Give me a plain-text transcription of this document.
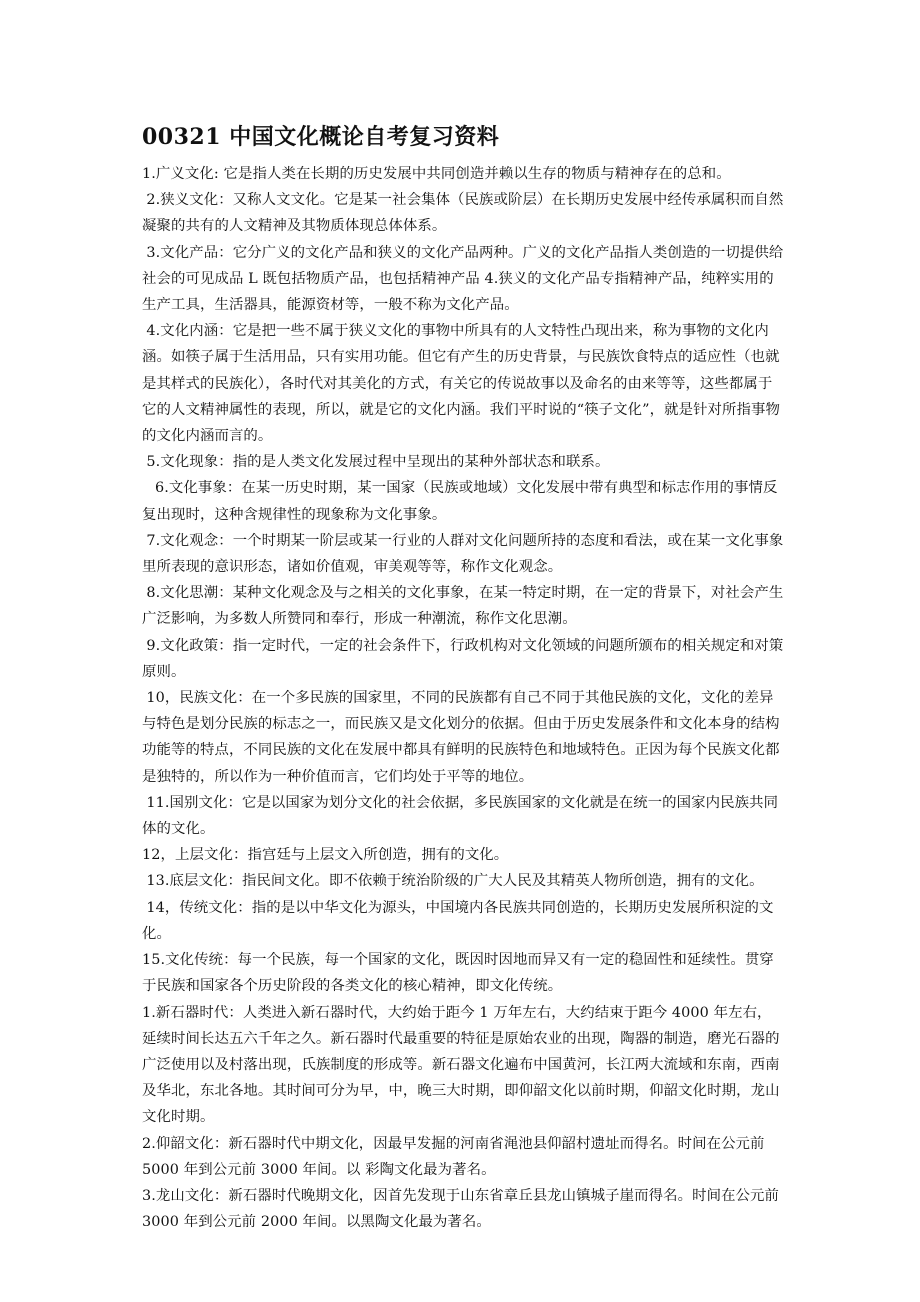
00321 中国文化概论自考复习资料

1.广义文化: 它是指人类在长期的历史发展中共同创造并赖以生存的物质与精神存在的总和。

2.狭义文化：又称人文文化。它是某一社会集体（民族或阶层）在长期历史发展中经传承属积而自然凝聚的共有的人文精神及其物质体现总体体系。

3.文化产品：它分广义的文化产品和狭义的文化产品两种。广义的文化产品指人类创造的一切提供给社会的可见成品 L 既包括物质产品，也包括精神产品 4.狭义的文化产品专指精神产品，纯粹实用的生产工具，生活器具，能源资材等，一般不称为文化产品。

4.文化内涵：它是把一些不属于狭义文化的事物中所具有的人文特性凸现出来，称为事物的文化内涵。如筷子属于生活用品，只有实用功能。但它有产生的历史背景，与民族饮食特点的适应性（也就是其样式的民族化），各时代对其美化的方式，有关它的传说故事以及命名的由来等等，这些都属于它的人文精神属性的表现，所以，就是它的文化内涵。我们平时说的“筷子文化”，就是针对所指事物的文化内涵而言的。

5.文化现象：指的是人类文化发展过程中呈现出的某种外部状态和联系。

6.文化事象：在某一历史时期，某一国家（民族或地域）文化发展中带有典型和标志作用的事情反复出现时，这种含规律性的现象称为文化事象。

7.文化观念：一个时期某一阶层或某一行业的人群对文化问题所持的态度和看法，或在某一文化事象里所表现的意识形态，诸如价值观，审美观等等，称作文化观念。

8.文化思潮：某种文化观念及与之相关的文化事象，在某一特定时期，在一定的背景下，对社会产生广泛影响，为多数人所赞同和奉行，形成一种潮流，称作文化思潮。

9.文化政策：指一定时代，一定的社会条件下，行政机构对文化领域的问题所颁布的相关规定和对策原则。

10，民族文化：在一个多民族的国家里，不同的民族都有自己不同于其他民族的文化，文化的差异与特色是划分民族的标志之一，而民族又是文化划分的依据。但由于历史发展条件和文化本身的结构功能等的特点，不同民族的文化在发展中都具有鲜明的民族特色和地域特色。正因为每个民族文化都是独特的，所以作为一种价值而言，它们均处于平等的地位。

11.国别文化：它是以国家为划分文化的社会依据，多民族国家的文化就是在统一的国家内民族共同体的文化。

12，上层文化：指宫廷与上层文入所创造，拥有的文化。

13.底层文化：指民间文化。即不依赖于统治阶级的广大人民及其精英人物所创造，拥有的文化。

14，传统文化：指的是以中华文化为源头，中国境内各民族共同创造的，长期历史发展所积淀的文化。

15.文化传统：每一个民族，每一个国家的文化，既因时因地而异又有一定的稳固性和延续性。贯穿于民族和国家各个历史阶段的各类文化的核心精神，即文化传统。

1.新石器时代：人类进入新石器时代，大约始于距今 1 万年左右，大约结束于距今 4000 年左右，延续时间长达五六千年之久。新石器时代最重要的特征是原始农业的出现，陶器的制造，磨光石器的广泛使用以及村落出现，氏族制度的形成等。新石器文化遍布中国黄河，长江两大流域和东南，西南及华北，东北各地。其时间可分为早，中，晚三大时期，即仰韶文化以前时期，仰韶文化时期，龙山文化时期。

2.仰韶文化：新石器时代中期文化，因最早发掘的河南省渑池县仰韶村遗址而得名。时间在公元前 5000 年到公元前 3000 年间。以 彩陶文化最为著名。

3.龙山文化：新石器时代晚期文化，因首先发现于山东省章丘县龙山镇城子崖而得名。时间在公元前 3000 年到公元前 2000 年间。以黑陶文化最为著名。
